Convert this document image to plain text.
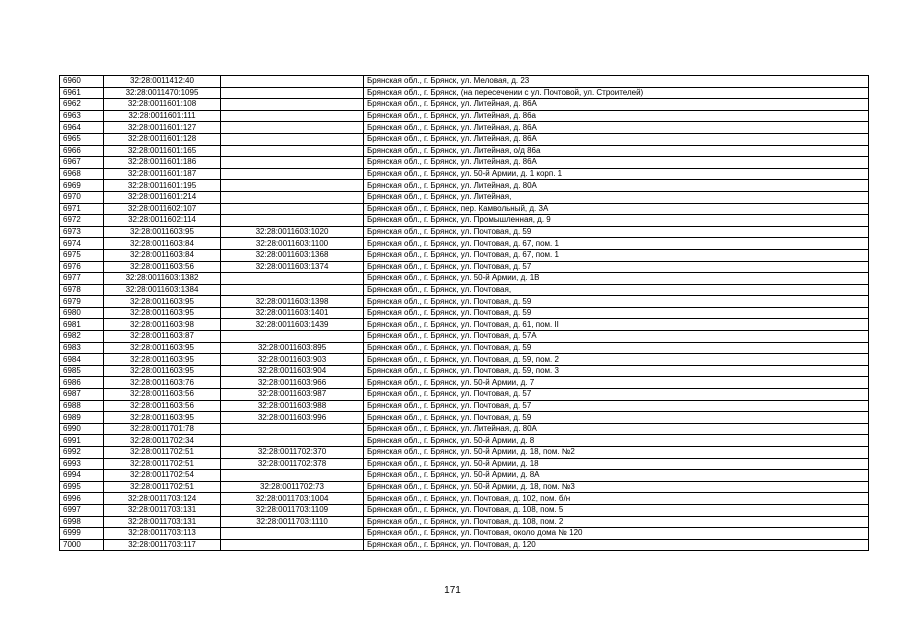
6960	32:28:0011412:40		Брянская обл., г. Брянск, ул. Меловая, д. 23
6961	32:28:0011470:1095		Брянская обл., г. Брянск, (на пересечении с ул. Почтовой, ул. Строителей)
6962	32:28:0011601:108		Брянская обл., г. Брянск, ул. Литейная, д. 86А
6963	32:28:0011601:111		Брянская обл., г. Брянск, ул. Литейная, д. 86а
6964	32:28:0011601:127		Брянская обл., г. Брянск, ул. Литейная, д. 86А
6965	32:28:0011601:128		Брянская обл., г. Брянск, ул. Литейная, д. 86А
6966	32:28:0011601:165		Брянская обл., г. Брянск, ул. Литейная, о/д 86а
6967	32:28:0011601:186		Брянская обл., г. Брянск, ул. Литейная, д. 86А
6968	32:28:0011601:187		Брянская обл., г. Брянск, ул. 50-й Армии, д. 1 корп. 1
6969	32:28:0011601:195		Брянская обл., г. Брянск, ул. Литейная, д. 80А
6970	32:28:0011601:214		Брянская обл., г. Брянск, ул. Литейная,
6971	32:28:0011602:107		Брянская обл., г. Брянск, пер. Камвольный, д. 3А
6972	32:28:0011602:114		Брянская обл., г. Брянск, ул. Промышленная, д. 9
6973	32:28:0011603:95	32:28:0011603:1020	Брянская обл., г. Брянск, ул. Почтовая, д. 59
6974	32:28:0011603:84	32:28:0011603:1100	Брянская обл., г. Брянск, ул. Почтовая, д. 67, пом. 1
6975	32:28:0011603:84	32:28:0011603:1368	Брянская обл., г. Брянск, ул. Почтовая, д. 67, пом. 1
6976	32:28:0011603:56	32:28:0011603:1374	Брянская обл., г. Брянск, ул. Почтовая, д. 57
6977	32:28:0011603:1382		Брянская обл., г. Брянск, ул. 50-й Армии, д. 1В
6978	32:28:0011603:1384		Брянская обл., г. Брянск, ул. Почтовая,
6979	32:28:0011603:95	32:28:0011603:1398	Брянская обл., г. Брянск, ул. Почтовая, д. 59
6980	32:28:0011603:95	32:28:0011603:1401	Брянская обл., г. Брянск, ул. Почтовая, д. 59
6981	32:28:0011603:98	32:28:0011603:1439	Брянская обл., г. Брянск, ул. Почтовая, д. 61, пом. II
6982	32:28:0011603:87		Брянская обл., г. Брянск, ул. Почтовая, д. 57А
6983	32:28:0011603:95	32:28:0011603:895	Брянская обл., г. Брянск, ул. Почтовая, д. 59
6984	32:28:0011603:95	32:28:0011603:903	Брянская обл., г. Брянск, ул. Почтовая, д. 59, пом. 2
6985	32:28:0011603:95	32:28:0011603:904	Брянская обл., г. Брянск, ул. Почтовая, д. 59, пом. 3
6986	32:28:0011603:76	32:28:0011603:966	Брянская обл., г. Брянск, ул. 50-й Армии, д. 7
6987	32:28:0011603:56	32:28:0011603:987	Брянская обл., г. Брянск, ул. Почтовая, д. 57
6988	32:28:0011603:56	32:28:0011603:988	Брянская обл., г. Брянск, ул. Почтовая, д. 57
6989	32:28:0011603:95	32:28:0011603:996	Брянская обл., г. Брянск, ул. Почтовая, д. 59
6990	32:28:0011701:78		Брянская обл., г. Брянск, ул. Литейная, д. 80А
6991	32:28:0011702:34		Брянская обл., г. Брянск, ул. 50-й Армии, д. 8
6992	32:28:0011702:51	32:28:0011702:370	Брянская обл., г. Брянск, ул. 50-й Армии, д. 18, пом. №2
6993	32:28:0011702:51	32:28:0011702:378	Брянская обл., г. Брянск, ул. 50-й Армии, д. 18
6994	32:28:0011702:54		Брянская обл., г. Брянск, ул. 50-й Армии, д. 8А
6995	32:28:0011702:51	32:28:0011702:73	Брянская обл., г. Брянск, ул. 50-й Армии, д. 18, пом. №3
6996	32:28:0011703:124	32:28:0011703:1004	Брянская обл., г. Брянск, ул. Почтовая, д. 102, пом. б/н
6997	32:28:0011703:131	32:28:0011703:1109	Брянская обл., г. Брянск, ул. Почтовая, д. 108, пом. 5
6998	32:28:0011703:131	32:28:0011703:1110	Брянская обл., г. Брянск, ул. Почтовая, д. 108, пом. 2
6999	32:28:0011703:113		Брянская обл., г. Брянск, ул. Почтовая, около дома № 120
7000	32:28:0011703:117		Брянская обл., г. Брянск, ул. Почтовая, д. 120
171
